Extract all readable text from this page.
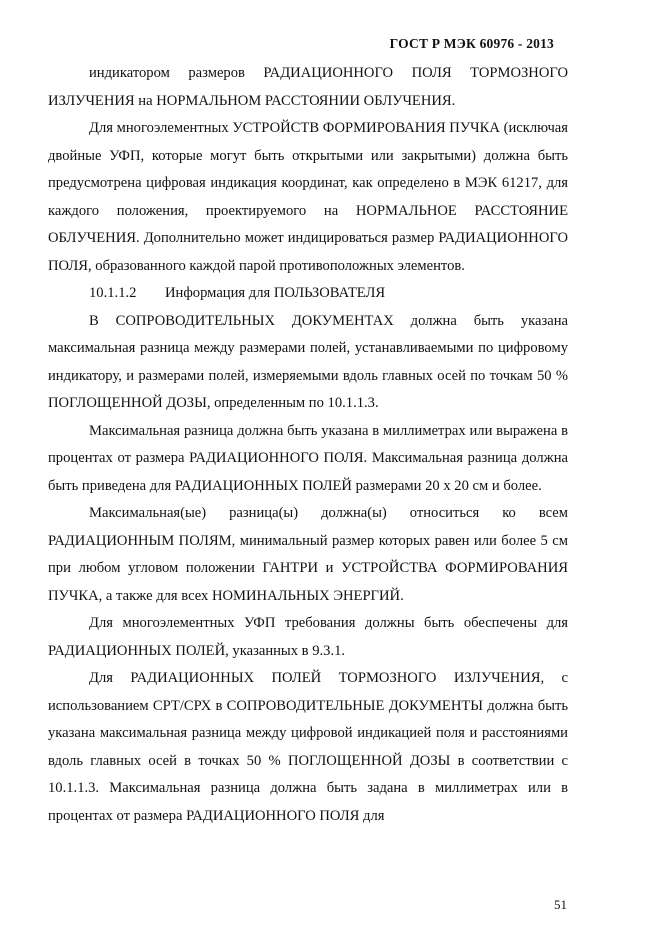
ГОСТ Р МЭК 60976 - 2013

индикатором размеров РАДИАЦИОННОГО ПОЛЯ ТОРМОЗНОГО ИЗЛУЧЕНИЯ на НОРМАЛЬНОМ РАССТОЯНИИ ОБЛУЧЕНИЯ.

Для многоэлементных УСТРОЙСТВ ФОРМИРОВАНИЯ ПУЧКА (исключая двойные УФП, которые могут быть открытыми или закрытыми) должна быть предусмотрена цифровая индикация координат, как определено в МЭК 61217, для каждого положения, проектируемого на НОРМАЛЬНОЕ РАССТОЯНИЕ ОБЛУЧЕНИЯ. Дополнительно может индицироваться размер РАДИАЦИОННОГО ПОЛЯ, образованного каждой парой противоположных элементов.

10.1.1.2 Информация для ПОЛЬЗОВАТЕЛЯ

В СОПРОВОДИТЕЛЬНЫХ ДОКУМЕНТАХ должна быть указана максимальная разница между размерами полей, устанавливаемыми по цифровому индикатору, и размерами полей, измеряемыми вдоль главных осей по точкам 50 % ПОГЛОЩЕННОЙ ДОЗЫ, определенным по 10.1.1.3.

Максимальная разница должна быть указана в миллиметрах или выражена в процентах от размера РАДИАЦИОННОГО ПОЛЯ. Максимальная разница должна быть приведена для РАДИАЦИОННЫХ ПОЛЕЙ размерами 20 х 20 см и более.

Максимальная(ые) разница(ы) должна(ы) относиться ко всем РАДИАЦИОННЫМ ПОЛЯМ, минимальный размер которых равен или более 5 см при любом угловом положении ГАНТРИ и УСТРОЙСТВА ФОРМИРОВАНИЯ ПУЧКА, а также для всех НОМИНАЛЬНЫХ ЭНЕРГИЙ.

Для многоэлементных УФП требования должны быть обеспечены для РАДИАЦИОННЫХ ПОЛЕЙ, указанных в 9.3.1.

Для РАДИАЦИОННЫХ ПОЛЕЙ ТОРМОЗНОГО ИЗЛУЧЕНИЯ, с использованием СРТ/СРХ в СОПРОВОДИТЕЛЬНЫЕ ДОКУМЕНТЫ должна быть указана максимальная разница между цифровой индикацией поля и расстояниями вдоль главных осей в точках 50 % ПОГЛОЩЕННОЙ ДОЗЫ в соответствии с 10.1.1.3. Максимальная разница должна быть задана в миллиметрах или в процентах от размера РАДИАЦИОННОГО ПОЛЯ для

51
